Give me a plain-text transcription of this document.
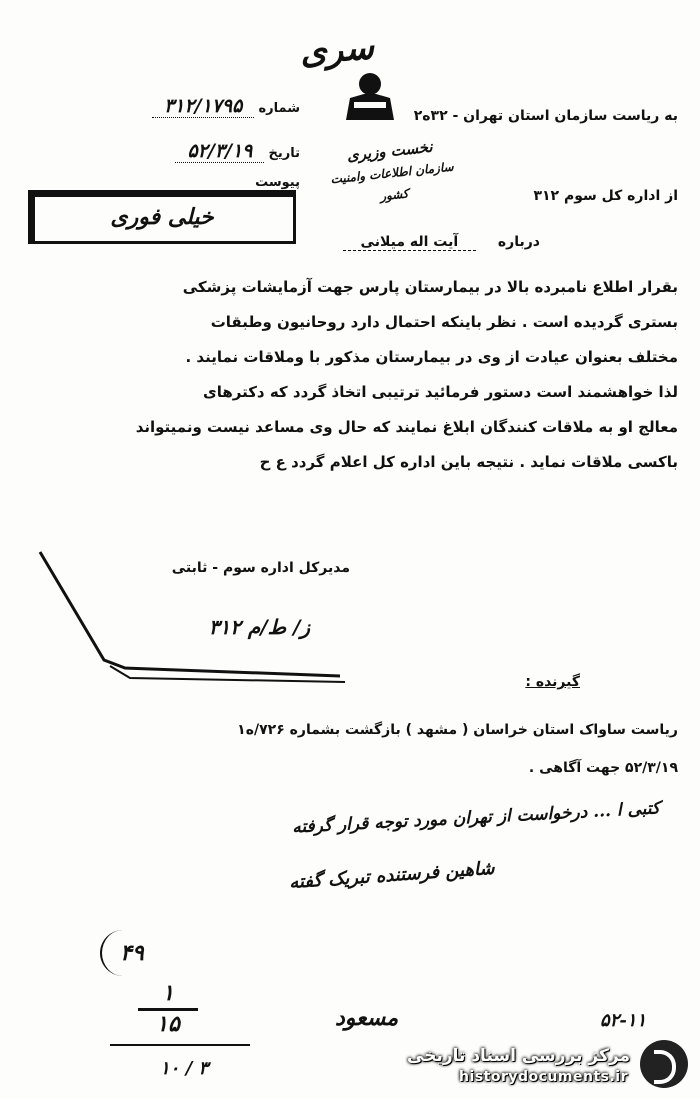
سری
نخست وزیری
سازمان اطلاعات وامنیت کشور
به ریاست سازمان استان تهران - ۳۲ه۲
از اداره کل سوم ۳۱۲
درباره  آیت اله میلانی
شماره ۳۱۲/۱۷۹۵
تاریخ ۵۲/۳/۱۹
پیوست
خیلی فوری
بقرار اطلاع نامبرده بالا در بیمارستان پارس جهت آزمایشات پزشکی
بستری گردیده است . نظر باینکه احتمال دارد روحانیون وطبقات
مختلف بعنوان عیادت از وی در بیمارستان مذکور با وملاقات نمایند .
لذا خواهشمند است دستور فرمائید ترتیبی اتخاذ گردد که دکترهای
معالج او به ملاقات کنندگان ابلاغ نمایند که حال وی مساعد نیست ونمیتواند
باکسی ملاقات نماید . نتیجه باین اداره کل اعلام گردد ع ح
مدیرکل اداره سوم - ثابتی
ز/ ط/م ۳۱۲
گیرنده :
ریاست ساواک استان خراسان ( مشهد ) بازگشت بشماره ۷۲۶/ه۱
۵۲/۳/۱۹ جهت آگاهی .
کتبی ا ... درخواست از تهران مورد توجه قرار گرفته
شاهین فرستنده تبریک گفته
۴۹
۱
۱۵
۱۰ / ۳
مسعود	۵۲-۱۱
مرکز بررسی اسناد تاریخی
historydocuments.ir
